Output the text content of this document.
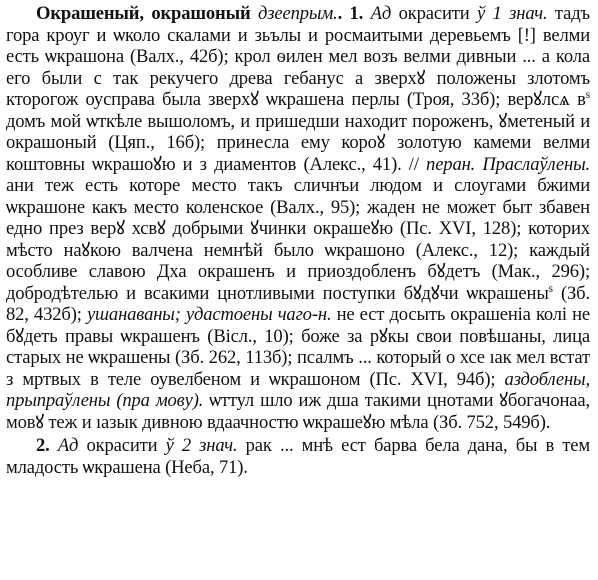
Окрашеный, окрашоный дзеепрым.. 1. Ад окрасити ў 1 знач. тадъ гора кроуг и ѡколо скалами и зьълы и росмаитыми деревьемъ [!] велми есть ѡкрашона (Валх., 42б); крол ѳилен мел возъ велми дивныи ... а кола его были с так рекучего древа гебанус а зверхꙋ положены злотомъ кторогож оусправа была зверхꙋ ѡкрашена перлы (Троя, 33б); верꙋлсѧ $в^s$ домъ мой ѡткѣле вышоломъ, и пришедши находит пороженъ, ꙋметеный и окрашоный (Цяп., 16б); принесла ему короꙋ золотую камеми велми коштовны ѡкрашоꙋю и з диаментов (Алекс., 41). // перан. Праслаўлены. ани теж есть которе место такъ сличнъи людом и слоугами бжими ѡкрашоне какъ место коленское (Валх., 95); жаден не может быт збавен едно през верꙋ хсвꙋ добрыми ꙋчинки окрашеꙋю (Пс. XVI, 128); которих мѣсто наꙋкою валчена немнѣй было ѡкрашоно (Алекс., 12); каждый особливе славою Дха окрашенъ и приоздобленъ бꙋдетъ (Мак., 296); добродѣтелью и всакими цнотливыми поступки бꙋдꙋчи ѡкрашены$^s$ (Зб. 82, 432б); ушанаваны; удастоены чаго-н. не ест досыть окрашеніа колі не бꙋдеть правы ѡкрашенъ (Вісл., 10); боже за рꙋкы свои повѣшаны, лица старых не ѡкрашены (Зб. 262, 113б); псалмъ ... который о хсе ıак мел встат з мртвых в теле оувелбеном и ѡкрашоном (Пс. XVI, 94б); аздоблены, прыпраўлены (пра мову). ѡттул шло иж дша такими цнотами ꙋбогачонаа, мовꙋ теж и ıазык дивною вдаачностю ѡкрашеꙋю мѣла (Зб. 752, 549б).

2. Ад окрасити ў 2 знач. рак ... мнѣ ест барва бела дана, бы в тем младость ѡкрашена (Неба, 71).
